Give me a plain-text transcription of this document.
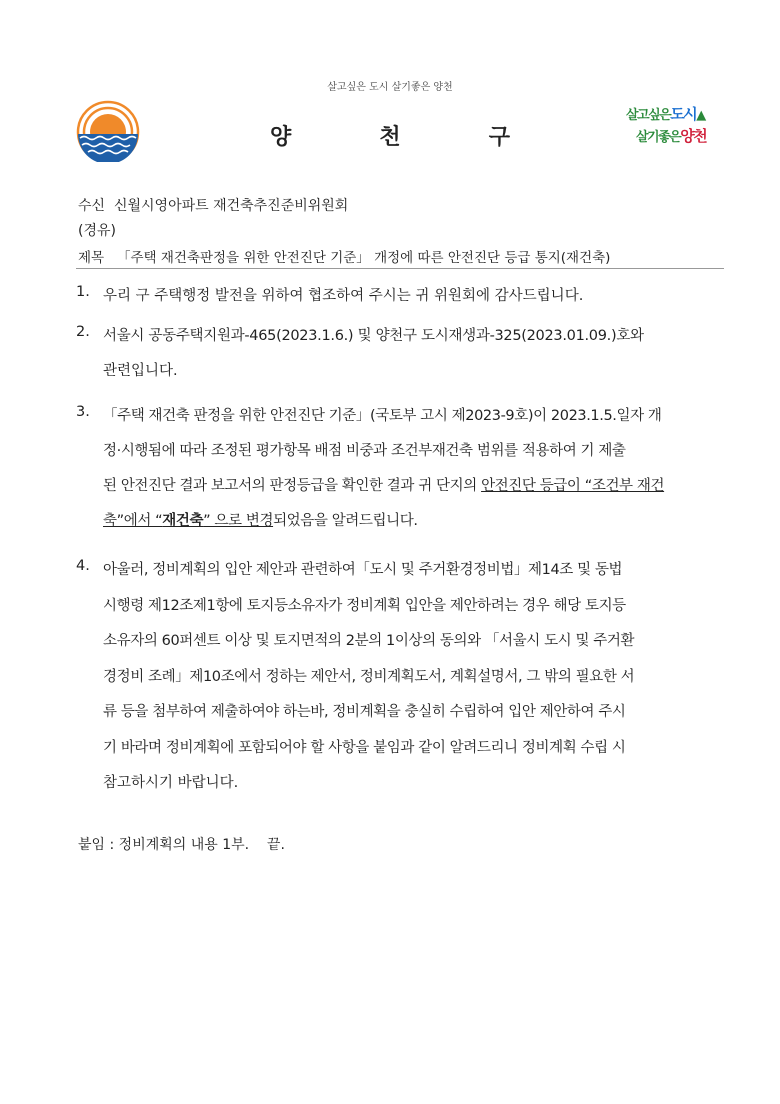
살고싶은 도시 살기좋은 양천
양	천	구
살고싶은도시▲
살기좋은양천
수신 신월시영아파트 재건축추진준비위원회
(경유)
제목 「주택 재건축판정을 위한 안전진단 기준」 개정에 따른 안전진단 등급 통지(재건축)
1. 우리 구 주택행정 발전을 위하여 협조하여 주시는 귀 위원회에 감사드립니다.
2. 서울시 공동주택지원과-465(2023.1.6.) 및 양천구 도시재생과-325(2023.01.09.)호와
관련입니다.
3. 「주택 재건축 판정을 위한 안전진단 기준」(국토부 고시 제2023-9호)이 2023.1.5.일자 개
정·시행됨에 따라 조정된 평가항목 배점 비중과 조건부재건축 범위를 적용하여 기 제출
된 안전진단 결과 보고서의 판정등급을 확인한 결과 귀 단지의 안전진단 등급이 “조건부 재건
축”에서 “ 재건축 ” 으로 변경 되었음을 알려드립니다.
4. 아울러, 정비계획의 입안 제안과 관련하여「도시 및 주거환경정비법」제14조 및 동법
시행령 제12조제1항에 토지등소유자가 정비계획 입안을 제안하려는 경우 해당 토지등
소유자의 60퍼센트 이상 및 토지면적의 2분의 1이상의 동의와 「서울시 도시 및 주거환
경정비 조례」제10조에서 정하는 제안서, 정비계획도서, 계획설명서, 그 밖의 필요한 서
류 등을 첨부하여 제출하여야 하는바, 정비계획을 충실히 수립하여 입안 제안하여 주시
기 바라며 정비계획에 포함되어야 할 사항을 붙임과 같이 알려드리니 정비계획 수립 시
참고하시기 바랍니다.
붙임 : 정비계획의 내용 1부.    끝.
